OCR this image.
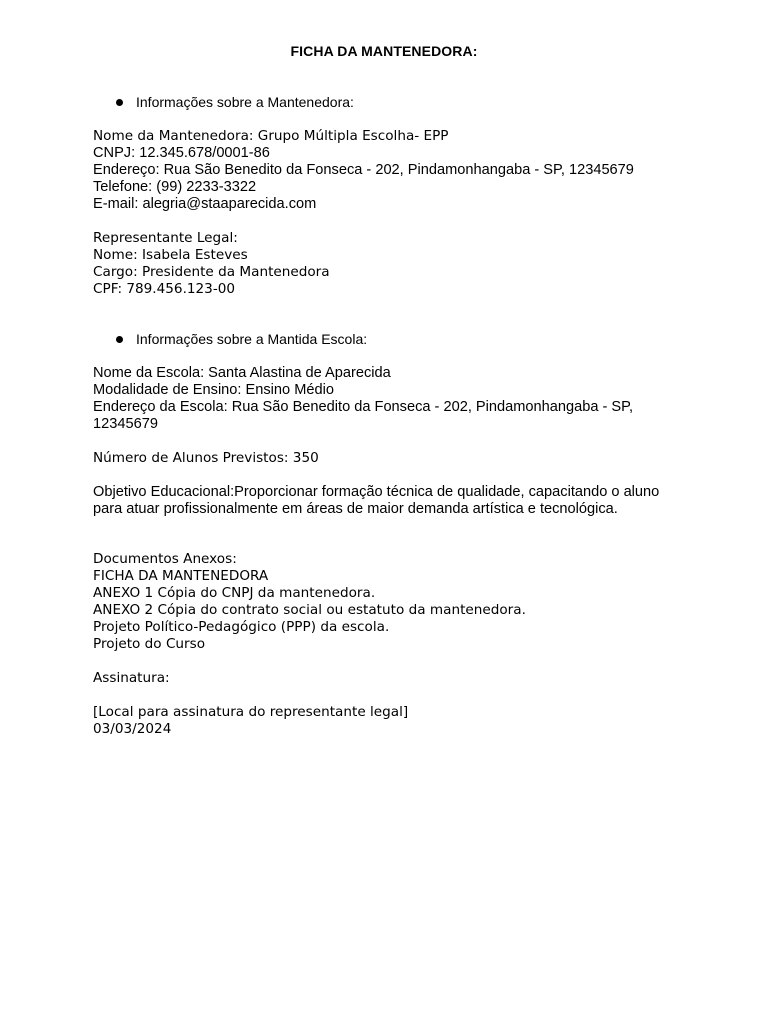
FICHA DA MANTENEDORA:
Informações sobre a Mantenedora:
Nome da Mantenedora: Grupo Múltipla Escolha- EPP
CNPJ: 12.345.678/0001-86
Endereço: Rua São Benedito da Fonseca - 202, Pindamonhangaba - SP, 12345679
Telefone: (99) 2233-3322
E-mail: alegria@staaparecida.com
Representante Legal:
Nome: Isabela Esteves
Cargo: Presidente da Mantenedora
CPF: 789.456.123-00
Informações sobre a Mantida Escola:
Nome da Escola: Santa Alastina de Aparecida
Modalidade de Ensino: Ensino Médio
Endereço da Escola: Rua São Benedito da Fonseca - 202, Pindamonhangaba - SP, 12345679
Número de Alunos Previstos: 350
Objetivo Educacional:Proporcionar formação técnica de qualidade, capacitando o aluno para atuar profissionalmente em áreas de maior demanda artística e tecnológica.
Documentos Anexos:
FICHA DA MANTENEDORA
ANEXO 1 Cópia do CNPJ da mantenedora.
ANEXO 2 Cópia do contrato social ou estatuto da mantenedora.
Projeto Político-Pedagógico (PPP) da escola.
Projeto do Curso
Assinatura:
[Local para assinatura do representante legal]
03/03/2024
